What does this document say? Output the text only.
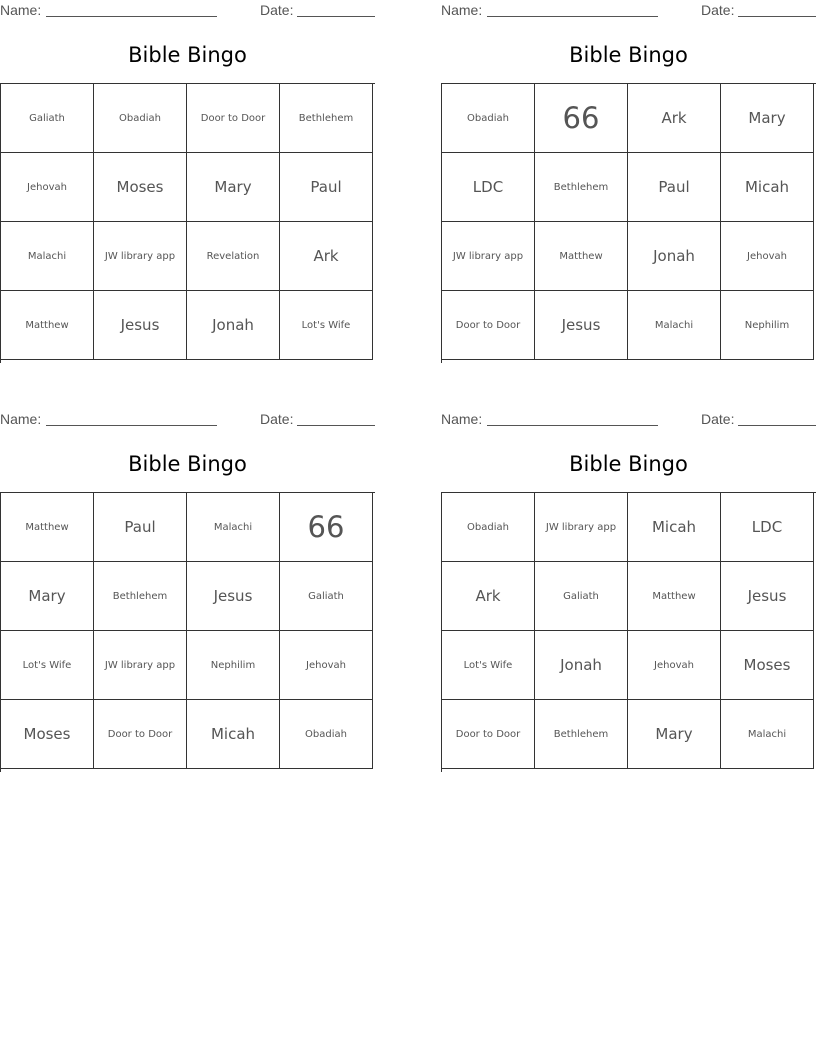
Name:	Date:
Bible Bingo
Galiath	Obadiah	Door to Door	Bethlehem
Jehovah	Moses	Mary	Paul
Malachi	JW library app	Revelation	Ark
Matthew	Jesus	Jonah	Lot's Wife
Name:	Date:
Bible Bingo
Obadiah	66	Ark	Mary
LDC	Bethlehem	Paul	Micah
JW library app	Matthew	Jonah	Jehovah
Door to Door	Jesus	Malachi	Nephilim
Name:	Date:
Bible Bingo
Matthew	Paul	Malachi	66
Mary	Bethlehem	Jesus	Galiath
Lot's Wife	JW library app	Nephilim	Jehovah
Moses	Door to Door	Micah	Obadiah
Name:	Date:
Bible Bingo
Obadiah	JW library app	Micah	LDC
Ark	Galiath	Matthew	Jesus
Lot's Wife	Jonah	Jehovah	Moses
Door to Door	Bethlehem	Mary	Malachi
